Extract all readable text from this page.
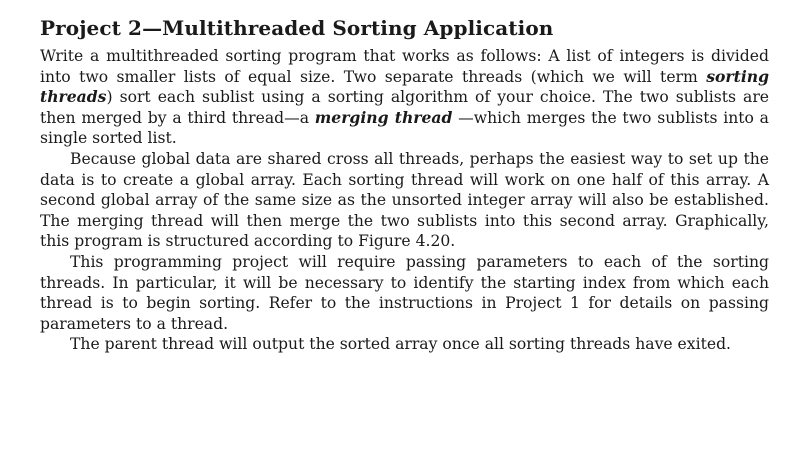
Project 2—Multithreaded Sorting Application

Write a multithreaded sorting program that works as follows: A list of integers is divided into two smaller lists of equal size. Two separate threads (which we will term sorting threads) sort each sublist using a sorting algorithm of your choice. The two sublists are then merged by a third thread—a merging thread —which merges the two sublists into a single sorted list.

Because global data are shared cross all threads, perhaps the easiest way to set up the data is to create a global array. Each sorting thread will work on one half of this array. A second global array of the same size as the unsorted integer array will also be established. The merging thread will then merge the two sublists into this second array. Graphically, this program is structured according to Figure 4.20.

This programming project will require passing parameters to each of the sorting threads. In particular, it will be necessary to identify the starting index from which each thread is to begin sorting. Refer to the instructions in Project 1 for details on passing parameters to a thread.

The parent thread will output the sorted array once all sorting threads have exited.
